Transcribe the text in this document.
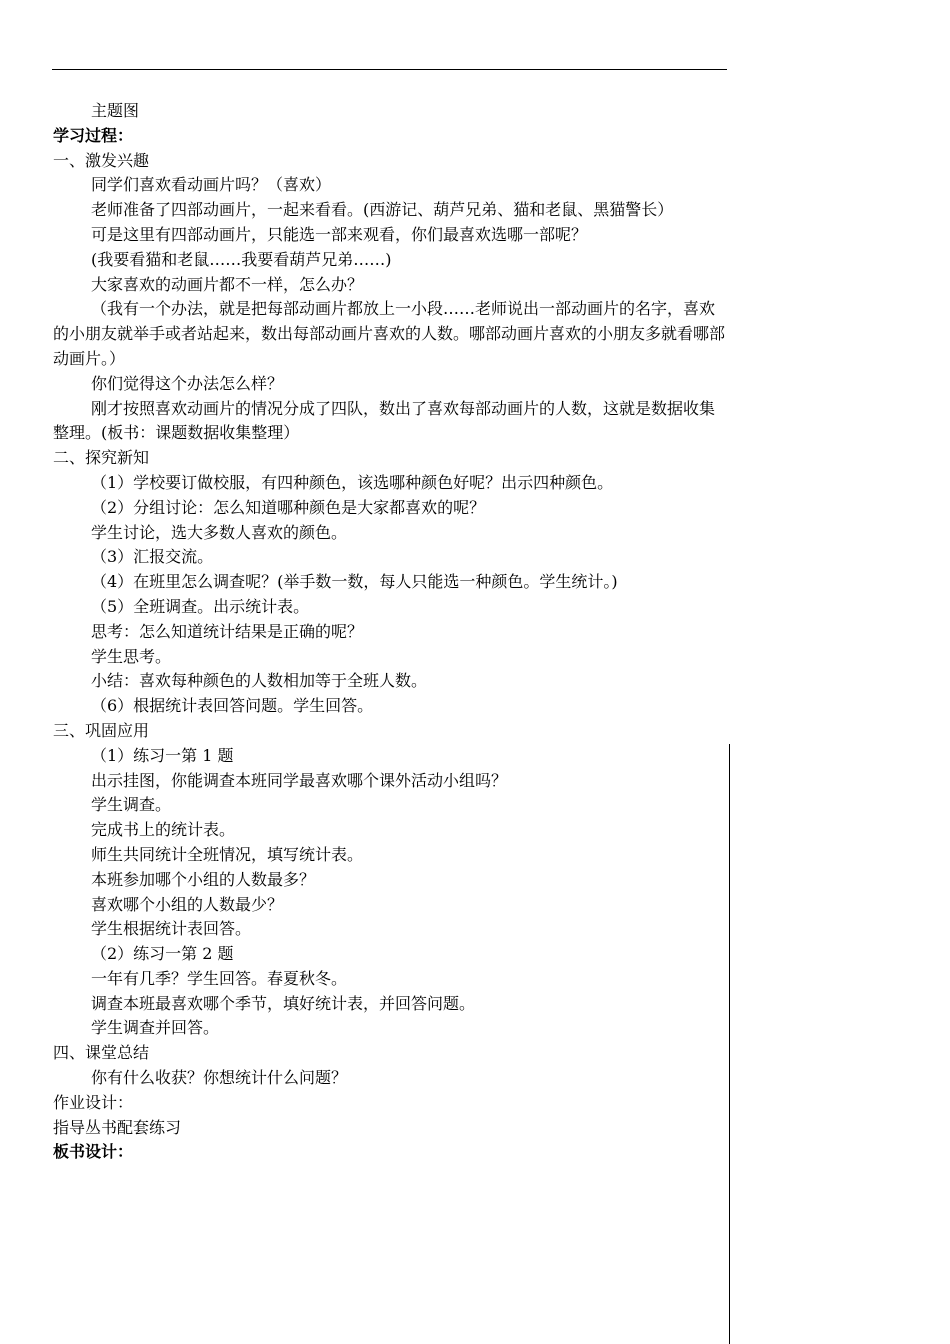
主题图
学习过程：
一、激发兴趣
同学们喜欢看动画片吗？（喜欢）
老师准备了四部动画片，一起来看看。(西游记、葫芦兄弟、猫和老鼠、黑猫警长）
可是这里有四部动画片，只能选一部来观看，你们最喜欢选哪一部呢？
(我要看猫和老鼠……我要看葫芦兄弟……)
大家喜欢的动画片都不一样，怎么办？
（我有一个办法，就是把每部动画片都放上一小段……老师说出一部动画片的名字，喜欢的小朋友就举手或者站起来，数出每部动画片喜欢的人数。哪部动画片喜欢的小朋友多就看哪部动画片。）
你们觉得这个办法怎么样？
刚才按照喜欢动画片的情况分成了四队，数出了喜欢每部动画片的人数，这就是数据收集整理。(板书：课题数据收集整理）
二、探究新知
（1）学校要订做校服，有四种颜色，该选哪种颜色好呢？出示四种颜色。
（2）分组讨论：怎么知道哪种颜色是大家都喜欢的呢？
学生讨论，选大多数人喜欢的颜色。
（3）汇报交流。
（4）在班里怎么调查呢？(举手数一数，每人只能选一种颜色。学生统计。)
（5）全班调查。出示统计表。
思考：怎么知道统计结果是正确的呢？
学生思考。
小结：喜欢每种颜色的人数相加等于全班人数。
（6）根据统计表回答问题。学生回答。
三、巩固应用
（1）练习一第 1 题
出示挂图，你能调查本班同学最喜欢哪个课外活动小组吗？
学生调查。
完成书上的统计表。
师生共同统计全班情况，填写统计表。
本班参加哪个小组的人数最多？
喜欢哪个小组的人数最少？
学生根据统计表回答。
（2）练习一第 2 题
一年有几季？学生回答。春夏秋冬。
调查本班最喜欢哪个季节，填好统计表，并回答问题。
学生调查并回答。
四、课堂总结
你有什么收获？你想统计什么问题？
作业设计：
指导丛书配套练习
板书设计：
